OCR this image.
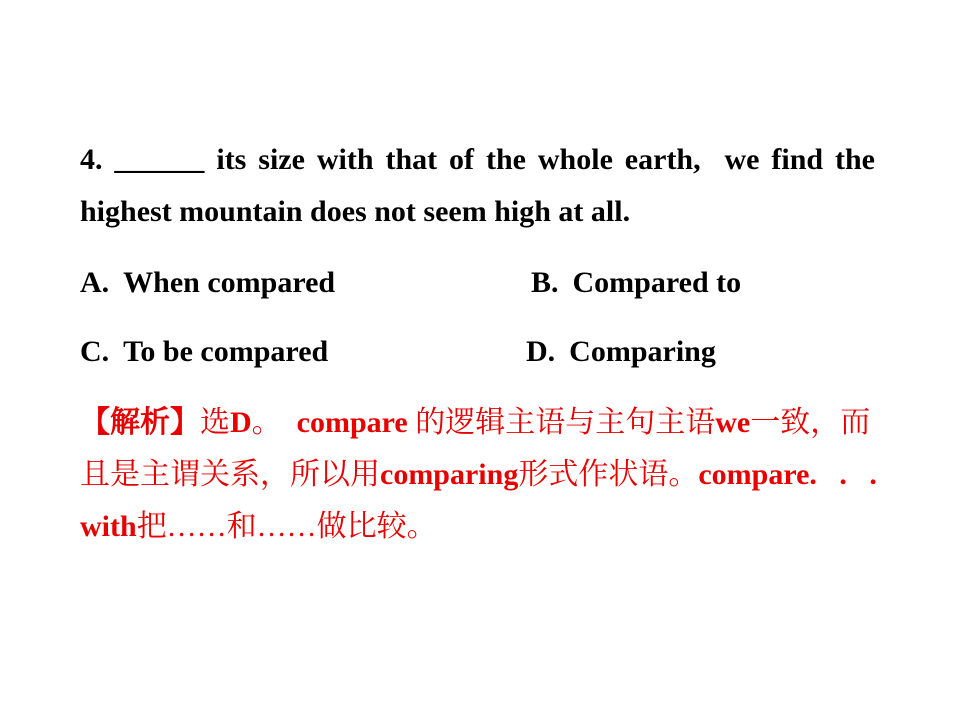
4. ______ its size with that of the whole earth,  we find the
highest mountain does not seem high at all.
A. When compared	B. Compared to
C. To be compared	D. Comparing
【解析】选D。  compare 的逻辑主语与主句主语we一致，而
且是主谓关系，所以用comparing形式作状语。compare.   .   .
with把……和……做比较。
